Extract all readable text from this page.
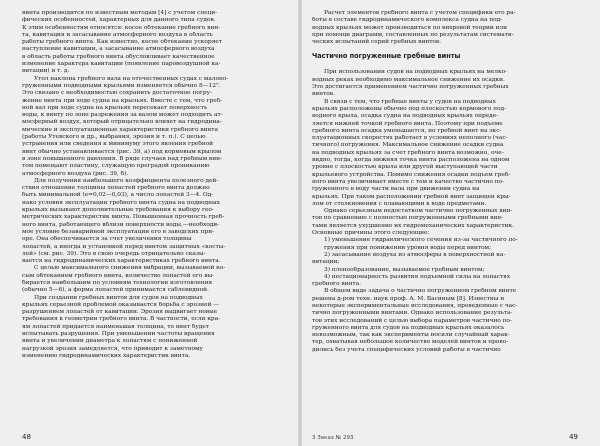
винта производится по известным методам [4] с учетом специ-
фических особенностей, характерных для данного типа судов.
К этим особенностям относятся: косое обтекание гребного вин-
та, кавитация и засасывание атмосферного воздуха в область
работы гребного винта. Как известно, косое обтекание ускоряет
наступление кавитации, а засасывание атмосферного воздуха
в область работы гребного винта обусловливает качественное
изменение характера кавитации (появление паровоздушной ка-
витации) и т. д.
Угол наклона гребного вала на отечественных судах с малопо-
груженными подводными крыльями изменяется обычно 8—12°.
Это связано с необходимостью сохранить достаточное погру-
жение винта при ходе судна на крыльях. Вместе с тем, что греб-
ной вал при ходе судна на крыльях пересекает поверхность
воды, к винту по зоне разрежения за валом может подходить ат-
мосферный воздух, который отрицательно влияет на гидродина-
мические и эксплуатационные характеристики гребного винта
(работы Утевского и др., выбрания, эрозия и т. п.). С целью
устранения или сведения к минимуму этого явления гребной
винт обычно устанавливается (рис. 39, а) под кормовым крылом
в зоне повышенного давления. В ряде случаев над гребным вин-
том помещают пластину, служащую преградой прониканию
атмосферного воздуха (рис. 39, б).
Для получения наибольшего коэффициента полезного дей-
ствия отношение толщины лопастей гребного винта должно
быть минимальной (e=0,02—0,03), а число лопастей 3—4. Од-
нако условия эксплуатации гребного винта судна на подводных
крыльях вызывают дополнительные требования к выбору гео-
метрических характеристик винта. Повышенная прочность греб-
ного винта, работающего вблизи поверхности воды,—необходи-
мое условие безаварийной эксплуатации его в заводских при-
оре. Она обеспечивается за счет увеличения толщины
лопастей, а иногда и установкой перед винтом защитных «косты-
лей» (см. рис. 39). Это в свою очередь отрицательно сказы-
вается на гидродинамических характеристиках гребного винта.
С целью максимального снижения вибрации, вызываемой ко-
сым обтеканием гребного винта, количество лопастей его вы-
бирается наибольшим по условиям технологии изготовления
(обычно 5—6), а форма лопастей принимается саблевидной.
При создании гребных винтов для судов на подводных
крыльях серьезной проблемой оказывается борьба с эрозией —
разрушением лопастей от кавитации. Эрозия выдвигает новые
требования к геометрии гребного винта. В частности, если кра-
ям лопастей придается наименьшая толщина, то винт будет
испытывать разрушения. При уменьшении частоты вращения
винта и увеличении диаметра к лопастям с пониженной
нагрузкой эрозия замедляется, что приводит к заметному
изменению гидродинамических характеристик винта.
48
Расчет элементов гребного винта с учетом специфики его ра-
боты в составе гидродинамического комплекса судна на под-
водных крыльях может производиться по вихревой теории или
при помощи диаграмм, составленных по результатам системати-
ческих испытаний серий гребных винтов.
Частично погруженные гребные винты
При использовании судов на подводных крыльях на мелко-
водных реках необходимо максимальное снижение их осадки.
Это достигается применением частично погруженных гребных
винтов.
В связи с тем, что гребные винты у судов на подводных
крыльях расположены обычно под плоскостью кормового под-
водного крыла, осадка судна на подводных крыльях опреде-
ляется нижней точкой гребного винта. Поэтому при подъеме
гребного винта осадка уменьшается, но гребной винт на экс-
плуатационных скоростях работает в условиях неполного (час-
тичного) погружения. Максимальное снижение осадки судна
на подводных крыльях за счет гребного винта возможно, оче-
видно, тогда, когда нижняя точка винта расположена на одном
уровне с плоскостью крыла или другой выступающей части
крыльевого устройства. Помимо снижения осадки подъем греб-
ного винта увеличивает вместе с тем и качество частично по-
груженного в воду части вала при движении судна на
крыльях. При таком расположении гребной винт защищен кры-
лом от столкновения с плавающими в воде предметами.
Однако серьезным недостатком частично погруженных вин-
тов по сравнению с полностью погруженными гребными вин-
тами является ухудшение их гидромеханических характеристик.
Основные причины этого следующие:
1) уменьшение гидравлического сечения из-за частичного по-
гружения при понижении уровня воды перед винтом;
2) засасывание воздуха из атмосферы в поверхностной ка-
витации;
3) пленообразование, вызываемое гребным винтом;
4) нестационарность развития подъемной силы на лопастях
гребного винта.
В общем виде задача о частично погруженном гребном винте
решена д-ром техн. наук проф. А. М. Басиным [8]. Известны и
некоторые экспериментальные исследования, проведенные с час-
тично погруженными винтами. Однако использование результа-
тов этих исследований с целью выбора параметров частично по-
груженного винта для судов на подводных крыльях оказалось
невозможным, так как эксперименты носили случайный харак-
тер, охватывая небольшое количество моделей винтов и прово-
дились без учета специфических условий работы в частично
3 Заказ № 293	49
